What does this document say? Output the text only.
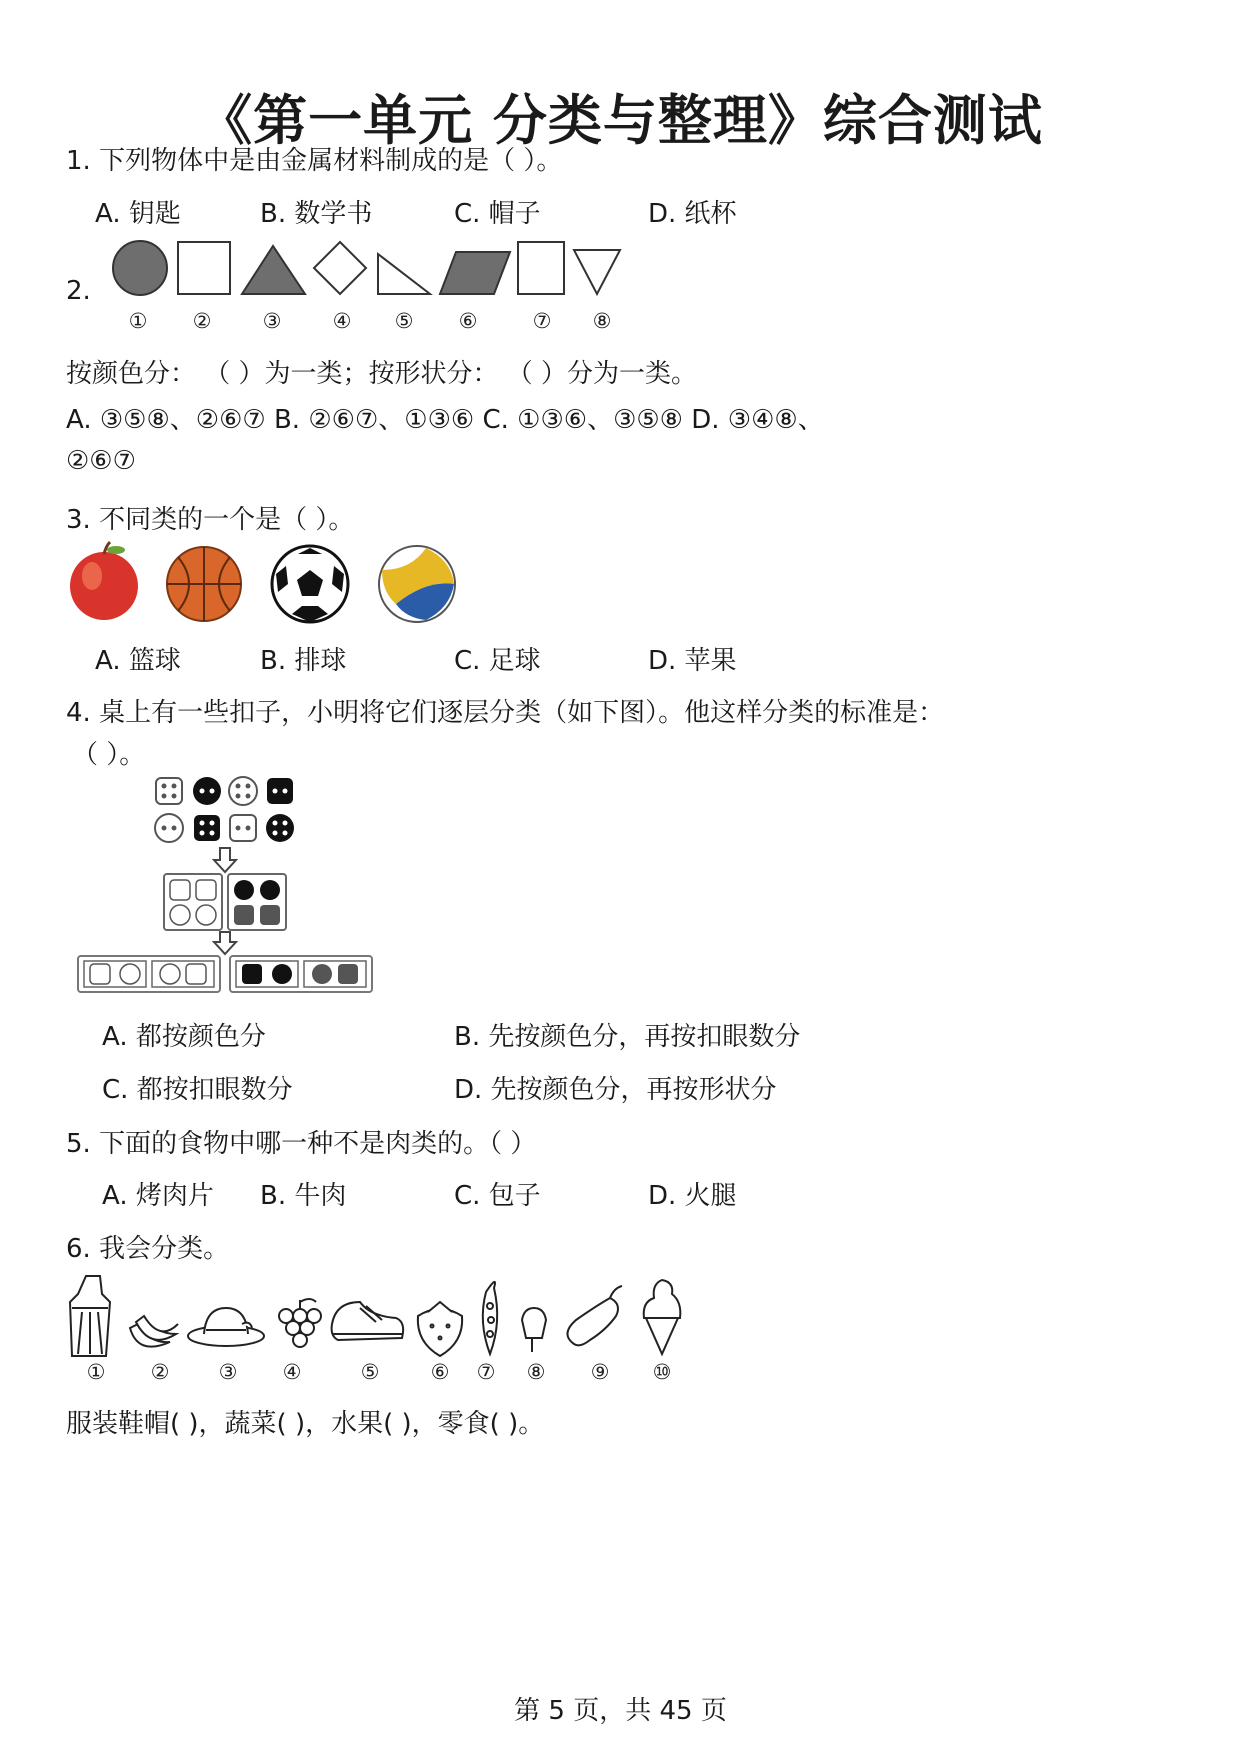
《第一单元 分类与整理》综合测试
1. 下列物体中是由金属材料制成的是（ ）。
A. 钥匙	B. 数学书	C. 帽子	D. 纸杯
2.
①	②	③	④	⑤	⑥	⑦	⑧
按颜色分： （ ）为一类；按形状分： （ ）分为一类。
A. ③⑤⑧、②⑥⑦ B. ②⑥⑦、①③⑥ C. ①③⑥、③⑤⑧ D. ③④⑧、
②⑥⑦
3. 不同类的一个是（ ）。
A. 篮球	B. 排球	C. 足球	D. 苹果
4. 桌上有一些扣子，小明将它们逐层分类（如下图）。他这样分类的标准是：
（ ）。
A. 都按颜色分	B. 先按颜色分，再按扣眼数分
C. 都按扣眼数分	D. 先按颜色分，再按形状分
5. 下面的食物中哪一种不是肉类的。（ ）
A. 烤肉片 B. 牛肉	C. 包子	D. 火腿
6. 我会分类。
①	②	③	④	⑤	⑥	⑦	⑧	⑨	⑩
服装鞋帽( )，蔬菜( )，水果( )，零食( )。
第 5 页，共 45 页
